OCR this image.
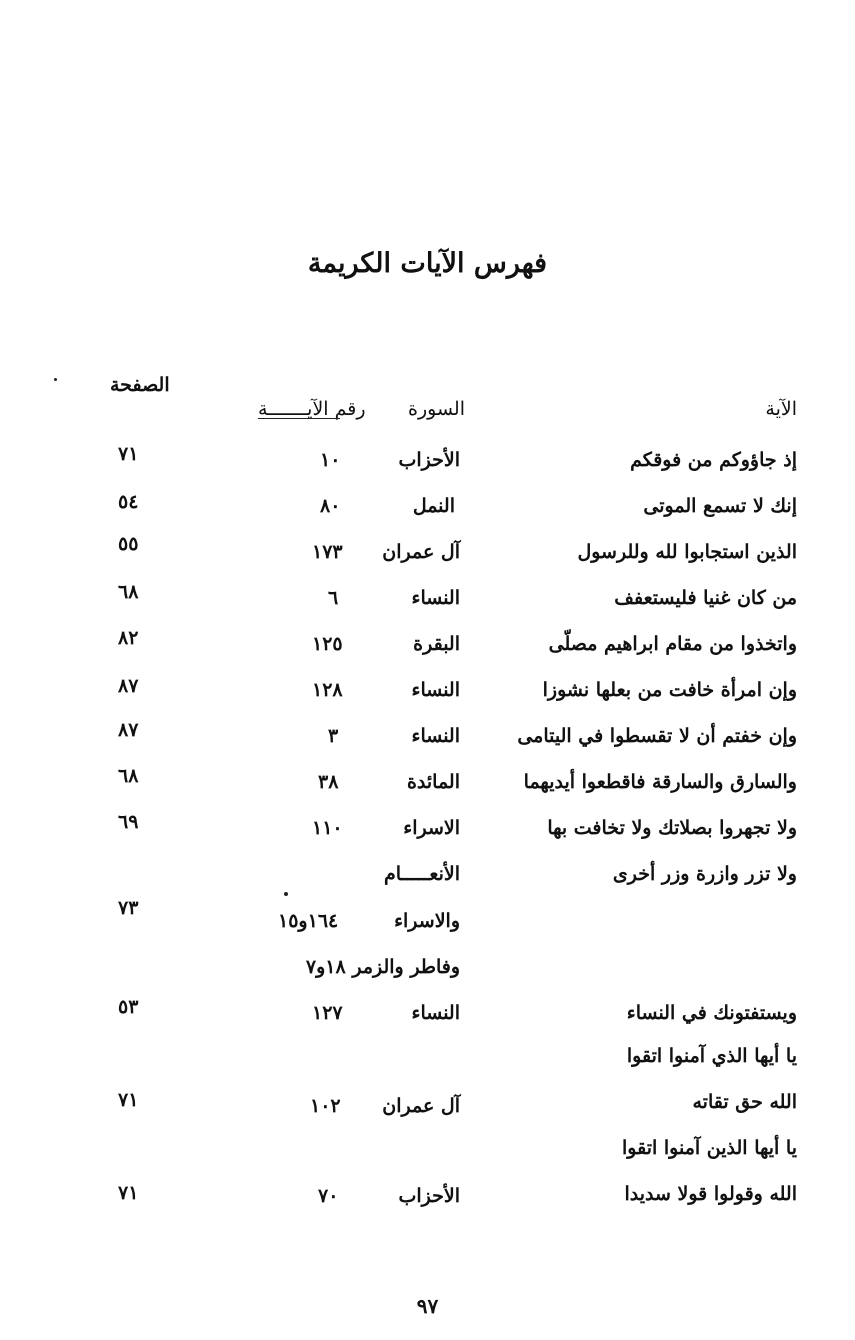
فهرس الآيات الكريمة
الصفحة
الآية
السورة
رقم الآيـــــــة
إذ جاؤوكم من فوقكم
الأحزاب
١٠
٧١
إنك لا تسمع الموتى
النمل
٨٠
٥٤
الذين استجابوا لله وللرسول
آل عمران
١٧٣
٥٥
من كان غنيا فليستعفف
النساء
٦
٦٨
واتخذوا من مقام ابراهيم مصلّى
البقرة
١٢٥
٨٢
وإن امرأة خافت من بعلها نشوزا
النساء
١٢٨
٨٧
وإن خفتم أن لا تقسطوا في اليتامى
النساء
٣
٨٧
والسارق والسارقة فاقطعوا أيديهما
المائدة
٣٨
٦٨
ولا تجهروا بصلاتك ولا تخافت بها
الاسراء
١١٠
٦٩
ولا تزر وازرة وزر أخرى
الأنعـــــام
٧٣
والاسراء
١٦٤و١٥
وفاطر والزمر ١٨و٧
ويستفتونك في النساء
النساء
١٢٧
٥٣
يا أيها الذي آمنوا اتقوا
الله حق تقاته
آل عمران
١٠٢
٧١
يا أيها الذين آمنوا اتقوا
الله وقولوا قولا سديدا
الأحزاب
٧٠
٧١
٩٧
